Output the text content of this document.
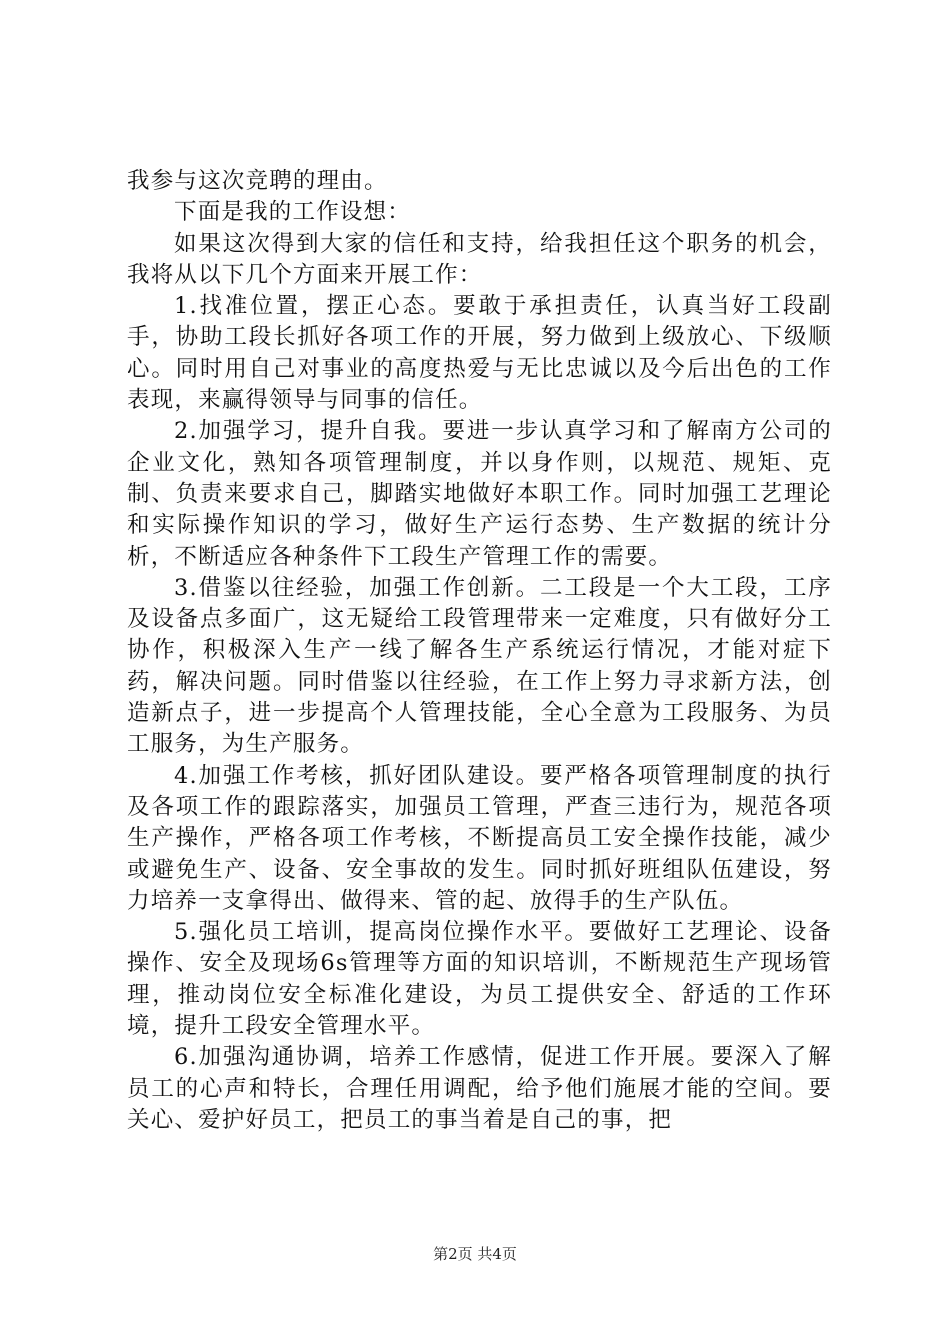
我参与这次竞聘的理由。

下面是我的工作设想：

如果这次得到大家的信任和支持，给我担任这个职务的机会，我将从以下几个方面来开展工作：

1.找准位置，摆正心态。要敢于承担责任，认真当好工段副手，协助工段长抓好各项工作的开展，努力做到上级放心、下级顺心。同时用自己对事业的高度热爱与无比忠诚以及今后出色的工作表现，来赢得领导与同事的信任。

2.加强学习，提升自我。要进一步认真学习和了解南方公司的企业文化，熟知各项管理制度，并以身作则，以规范、规矩、克制、负责来要求自己，脚踏实地做好本职工作。同时加强工艺理论和实际操作知识的学习，做好生产运行态势、生产数据的统计分析，不断适应各种条件下工段生产管理工作的需要。

3.借鉴以往经验，加强工作创新。二工段是一个大工段，工序及设备点多面广，这无疑给工段管理带来一定难度，只有做好分工协作，积极深入生产一线了解各生产系统运行情况，才能对症下药，解决问题。同时借鉴以往经验，在工作上努力寻求新方法，创造新点子，进一步提高个人管理技能，全心全意为工段服务、为员工服务，为生产服务。

4.加强工作考核，抓好团队建设。要严格各项管理制度的执行及各项工作的跟踪落实，加强员工管理，严查三违行为，规范各项生产操作，严格各项工作考核，不断提高员工安全操作技能，减少或避免生产、设备、安全事故的发生。同时抓好班组队伍建设，努力培养一支拿得出、做得来、管的起、放得手的生产队伍。

5.强化员工培训，提高岗位操作水平。要做好工艺理论、设备操作、安全及现场6s管理等方面的知识培训，不断规范生产现场管理，推动岗位安全标准化建设，为员工提供安全、舒适的工作环境，提升工段安全管理水平。

6.加强沟通协调，培养工作感情，促进工作开展。要深入了解员工的心声和特长，合理任用调配，给予他们施展才能的空间。要关心、爱护好员工，把员工的事当着是自己的事，把

第2页 共4页
